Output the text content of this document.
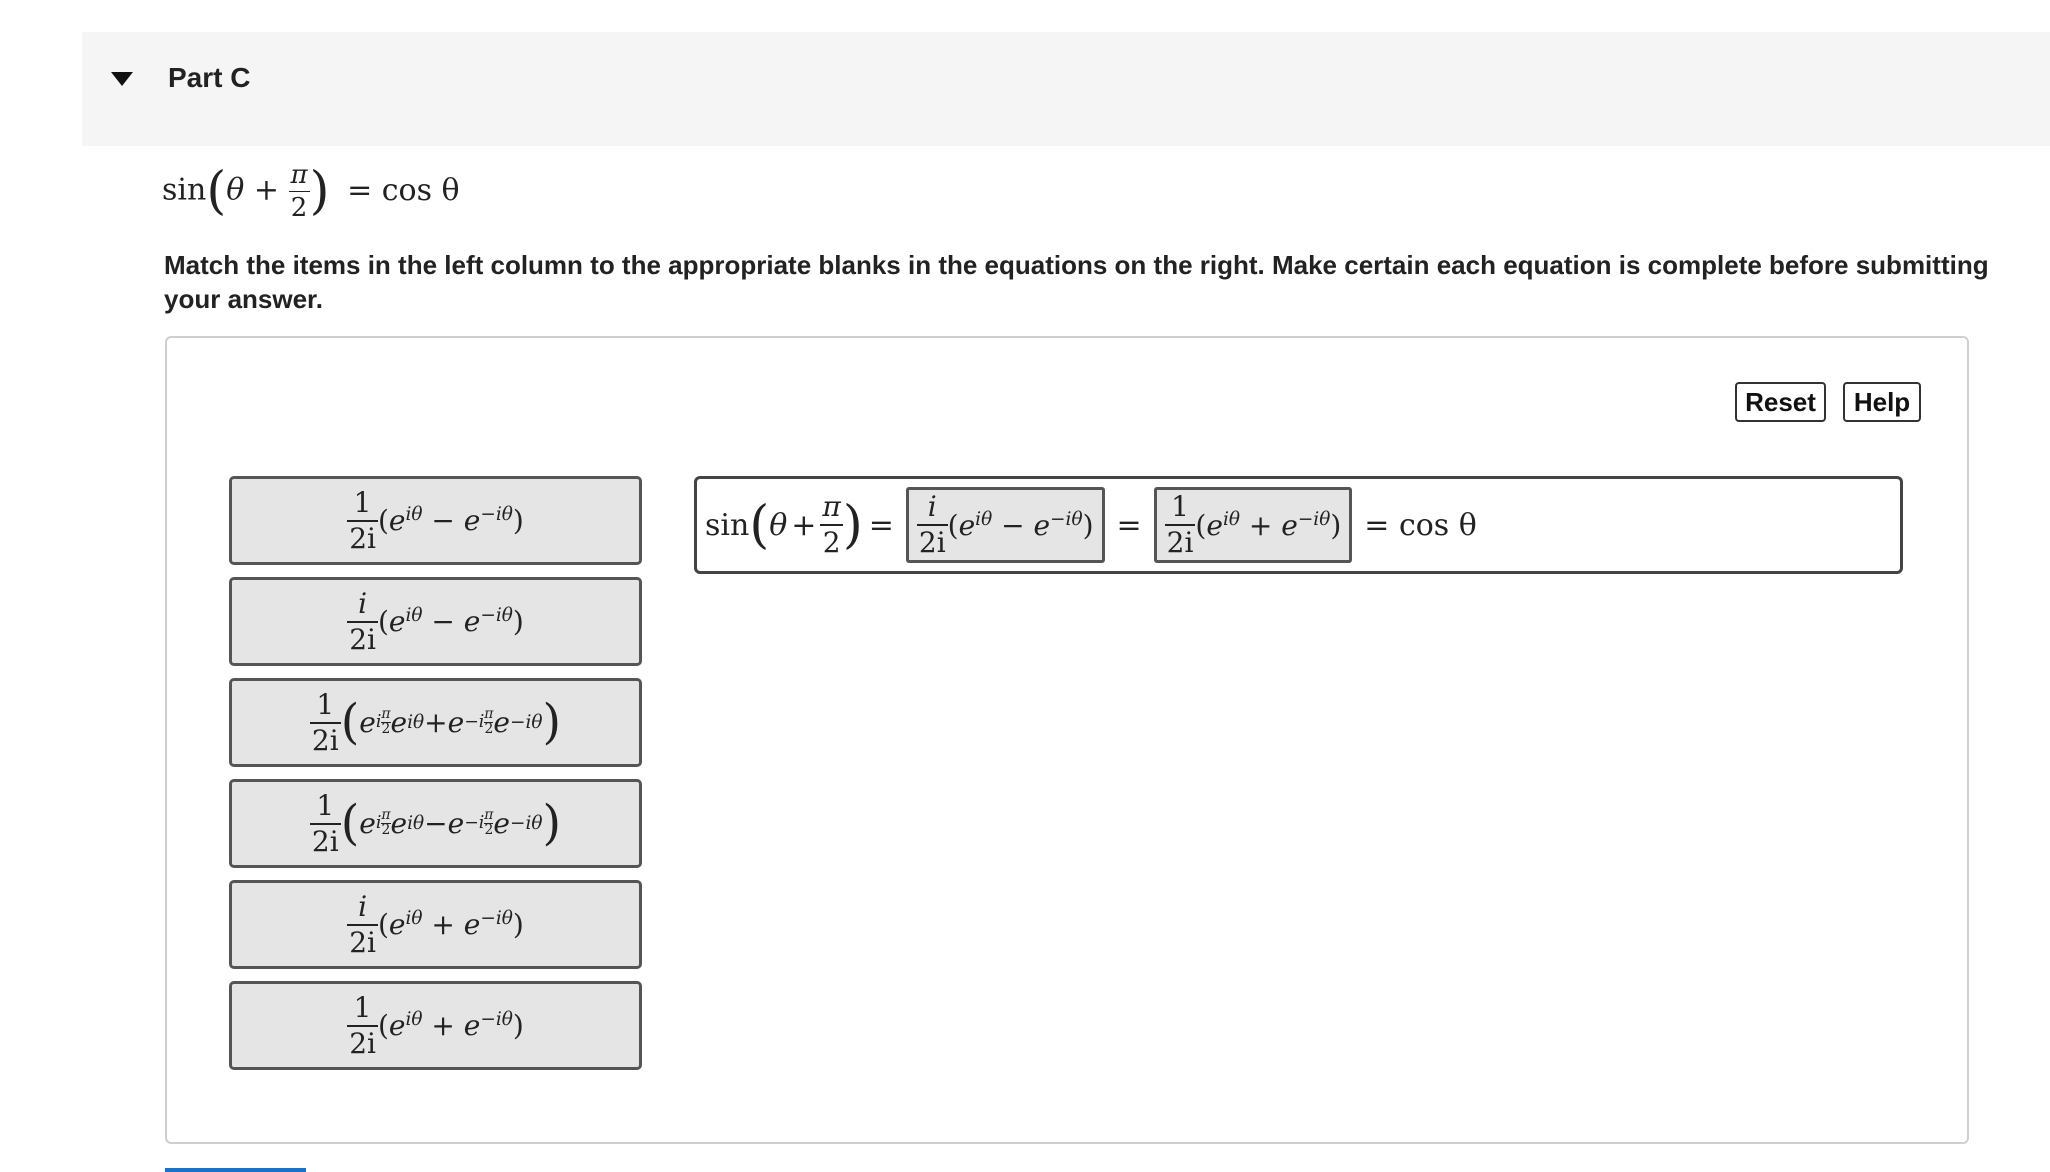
Part C
$\sin(\theta + \frac{\pi}{2}$ ) = cos θ
Match the items in the left column to the appropriate blanks in the equations on the right. Make certain each equation is complete before submitting your answer.
Reset	Help
$\frac{1}{2i} (e^{i\theta} - e^{-i\theta})$
$\frac{i}{2i} (e^{i\theta} - e^{-i\theta})$
$\frac{1}{2i}$ ( e i π
2 e iθ + e − i π
2 e −iθ )
$\frac{1}{2i}$ ( e i π
2 e iθ − e − i π
2 e −iθ )
$\frac{i}{2i} (e^{i\theta} + e^{-i\theta})$
$\frac{1}{2i} (e^{i\theta} + e^{-i\theta})$
sin ( $\theta + \frac{\pi}{2}$ ) = $\frac{i}{2i} (e^{i\theta} - e^{-i\theta}) = \frac{1}{2i} (e^{i\theta} + e^{-i\theta}) = \cos \theta$
